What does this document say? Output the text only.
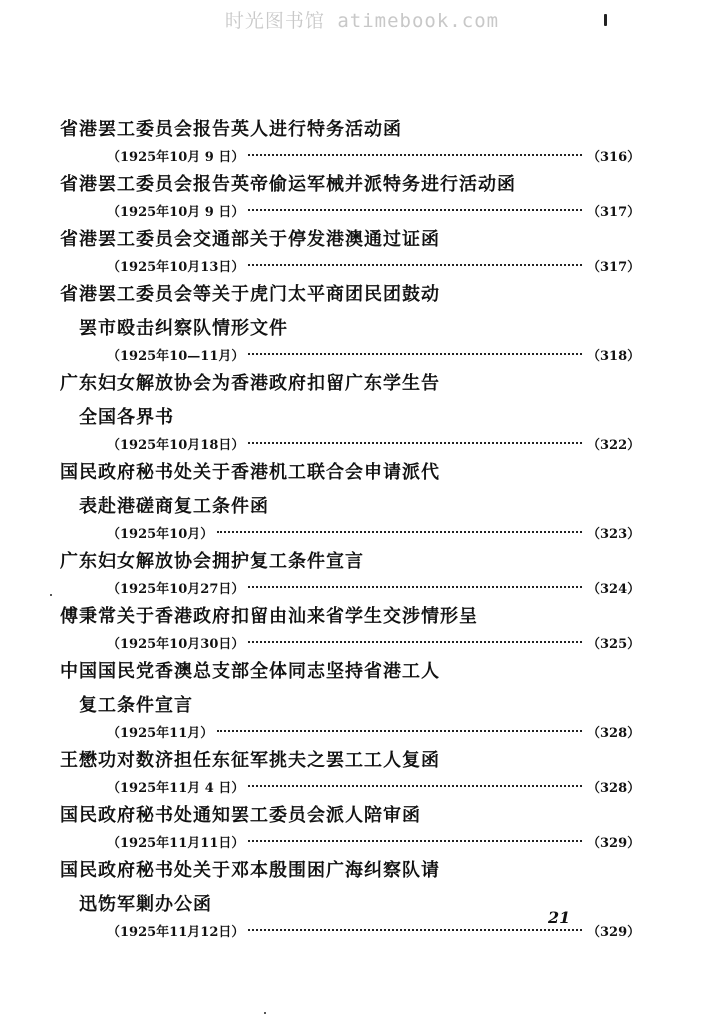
时光图书馆 atimebook.com
省港罢工委员会报告英人进行特务活动函
（1925年10月 9 日）	（316）
省港罢工委员会报告英帝偷运军械并派特务进行活动函
（1925年10月 9 日）	（317）
省港罢工委员会交通部关于停发港澳通过证函
（1925年10月13日）	（317）
省港罢工委员会等关于虎门太平商团民团鼓动
罢市殴击纠察队情形文件
（1925年10—11月）	（318）
广东妇女解放协会为香港政府扣留广东学生告
全国各界书
（1925年10月18日）	（322）
国民政府秘书处关于香港机工联合会申请派代
表赴港磋商复工条件函
（1925年10月）	（323）
广东妇女解放协会拥护复工条件宣言
（1925年10月27日）	（324）
傅秉常关于香港政府扣留由汕来省学生交涉情形呈
（1925年10月30日）	（325）
中国国民党香澳总支部全体同志坚持省港工人
复工条件宣言
（1925年11月）	（328）
王懋功对数济担任东征军挑夫之罢工工人复函
（1925年11月 4 日）	（328）
国民政府秘书处通知罢工委员会派人陪审函
（1925年11月11日）	（329）
国民政府秘书处关于邓本殷围困广海纠察队请
迅饬军剿办公函
（1925年11月12日）	（329）
21
